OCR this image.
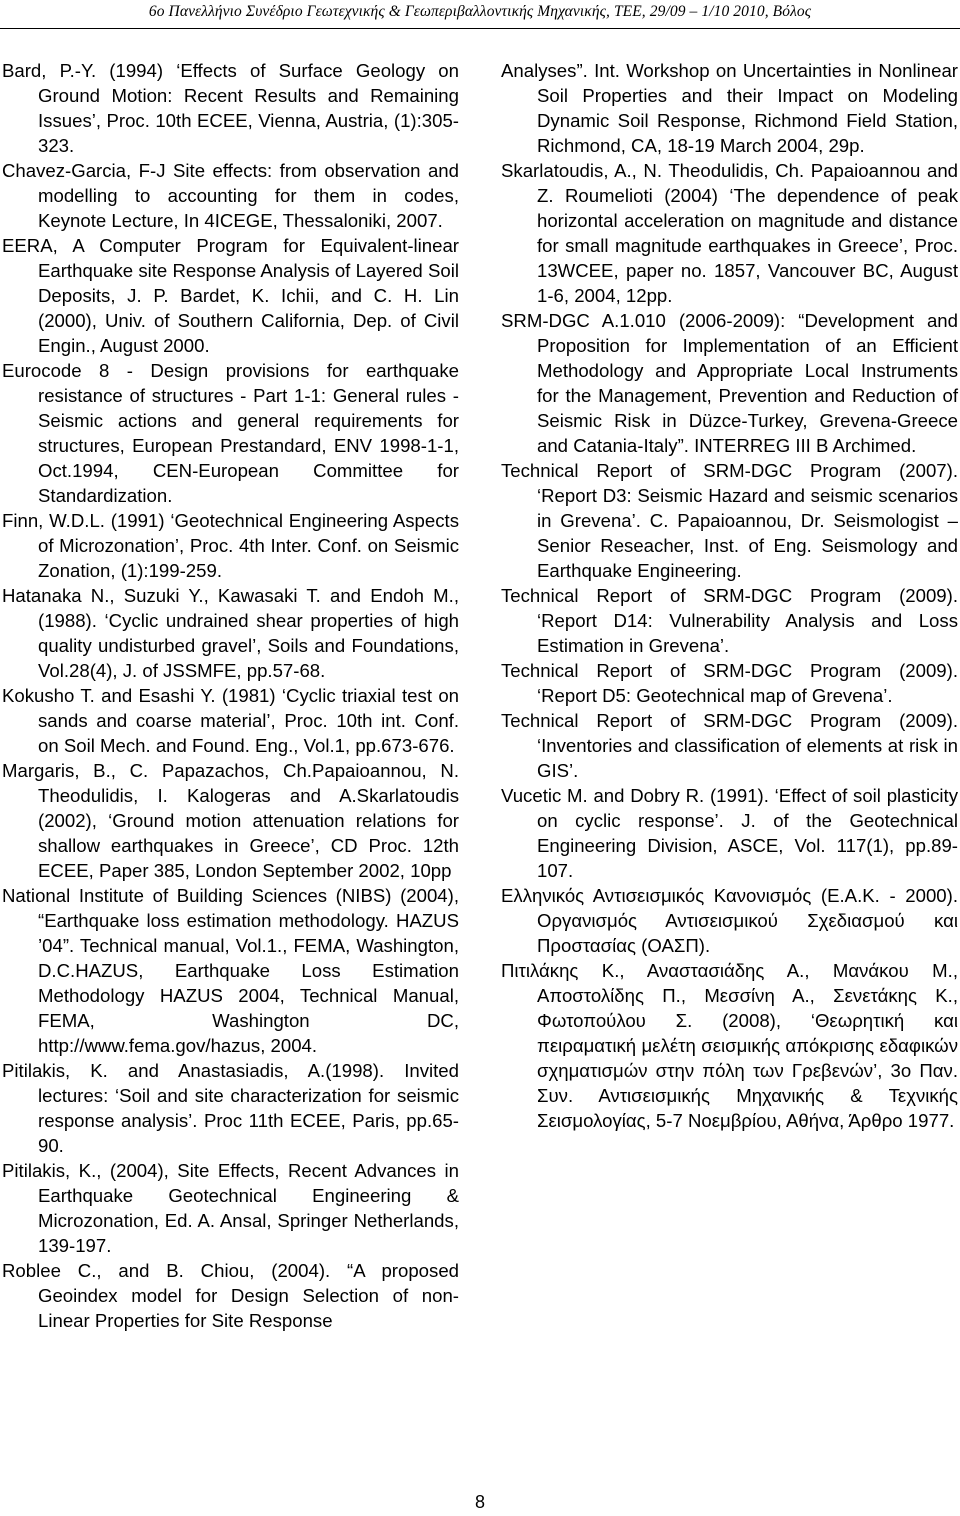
6ο Πανελλήνιο Συνέδριο Γεωτεχνικής & Γεωπεριβαλλοντικής Μηχανικής, ΤΕΕ, 29/09 – 1/10 2010, Βόλος

Bard, P.-Y. (1994) ‘Effects of Surface Geology on Ground Motion: Recent Results and Remaining Issues’, Proc. 10th ECEE, Vienna, Austria, (1):305-323.

Chavez-Garcia, F-J Site effects: from observation and modelling to accounting for them in codes, Keynote Lecture, In 4ICEGE, Thessaloniki, 2007.

EERA, A Computer Program for Equivalent-linear Earthquake site Response Analysis of Layered Soil Deposits, J. P. Bardet, K. Ichii, and C. H. Lin (2000), Univ. of Southern California, Dep. of Civil Engin., August 2000.

Eurocode 8 - Design provisions for earthquake resistance of structures - Part 1-1: General rules - Seismic actions and general requirements for structures, European Prestandard, ENV 1998-1-1, Oct.1994, CEN-European Committee for Standardization.

Finn, W.D.L. (1991) ‘Geotechnical Engineering Aspects of Microzonation’, Proc. 4th Inter. Conf. on Seismic Zonation, (1):199-259.

Hatanaka N., Suzuki Y., Kawasaki T. and Endoh M., (1988). ‘Cyclic undrained shear properties of high quality undisturbed gravel’, Soils and Foundations, Vol.28(4), J. of JSSMFE, pp.57-68.

Kokusho T. and Esashi Y. (1981) ‘Cyclic triaxial test on sands and coarse material’, Proc. 10th int. Conf. on Soil Mech. and Found. Eng., Vol.1, pp.673-676.

Margaris, B., C. Papazachos, Ch.Papaioannou, N. Theodulidis, I. Kalogeras and A.Skarlatoudis (2002), ‘Ground motion attenuation relations for shallow earthquakes in Greece’, CD Proc. 12th ECEE, Paper 385, London September 2002, 10pp

National Institute of Building Sciences (NIBS) (2004), “Earthquake loss estimation methodology. HAZUS ’04”. Technical manual, Vol.1., FEMA, Washington, D.C.HAZUS, Earthquake Loss Estimation Methodology HAZUS 2004, Technical Manual, FEMA, Washington DC, http://www.fema.gov/hazus, 2004.

Pitilakis, K. and Anastasiadis, A.(1998). Invited lectures: ‘Soil and site characterization for seismic response analysis’. Proc 11th ECEE, Paris, pp.65-90.

Pitilakis, K., (2004), Site Effects, Recent Advances in Earthquake Geotechnical Engineering & Microzonation, Ed. A. Ansal, Springer Netherlands, 139-197.

Roblee C., and B. Chiou, (2004). “A proposed Geoindex model for Design Selection of non-Linear Properties for Site Response

Analyses”. Int. Workshop on Uncertainties in Nonlinear Soil Properties and their Impact on Modeling Dynamic Soil Response, Richmond Field Station, Richmond, CA, 18-19 March 2004, 29p.

Skarlatoudis, A., N. Theodulidis, Ch. Papaioannou and Z. Roumelioti (2004) ‘The dependence of peak horizontal acceleration on magnitude and distance for small magnitude earthquakes in Greece’, Proc. 13WCEE, paper no. 1857, Vancouver BC, August 1-6, 2004, 12pp.

SRM-DGC A.1.010 (2006-2009): “Development and Proposition for Implementation of an Efficient Methodology and Appropriate Local Instruments for the Management, Prevention and Reduction of Seismic Risk in Düzce-Turkey, Grevena-Greece and Catania-Italy”. INTERREG III B Archimed.

Technical Report of SRM-DGC Program (2007). ‘Report D3: Seismic Hazard and seismic scenarios in Grevena’. C. Papaioannou, Dr. Seismologist – Senior Reseacher, Inst. of Eng. Seismology and Earthquake Engineering.

Technical Report of SRM-DGC Program (2009). ‘Report D14: Vulnerability Analysis and Loss Estimation in Grevena’.

Technical Report of SRM-DGC Program (2009). ‘Report D5: Geotechnical map of Grevena’.

Technical Report of SRM-DGC Program (2009). ‘Inventories and classification of elements at risk in GIS’.

Vucetic M. and Dobry R. (1991). ‘Effect of soil plasticity on cyclic response’. J. of the Geotechnical Engineering Division, ASCE, Vol. 117(1), pp.89-107.

Ελληνικός Αντισεισμικός Κανονισμός (Ε.Α.Κ. - 2000). Οργανισμός Αντισεισμικού Σχεδιασμού και Προστασίας (ΟΑΣΠ).

Πιτιλάκης Κ., Αναστασιάδης Α., Μανάκου Μ., Αποστολίδης Π., Μεσσίνη Α., Σενετάκης Κ., Φωτοπούλου Σ. (2008), ‘Θεωρητική και πειραματική μελέτη σεισμικής απόκρισης εδαφικών σχηματισμών στην πόλη των Γρεβενών’, 3ο Παν. Συν. Αντισεισμικής Μηχανικής & Τεχνικής Σεισμολογίας, 5-7 Νοεμβρίου, Αθήνα, Άρθρο 1977.

8
